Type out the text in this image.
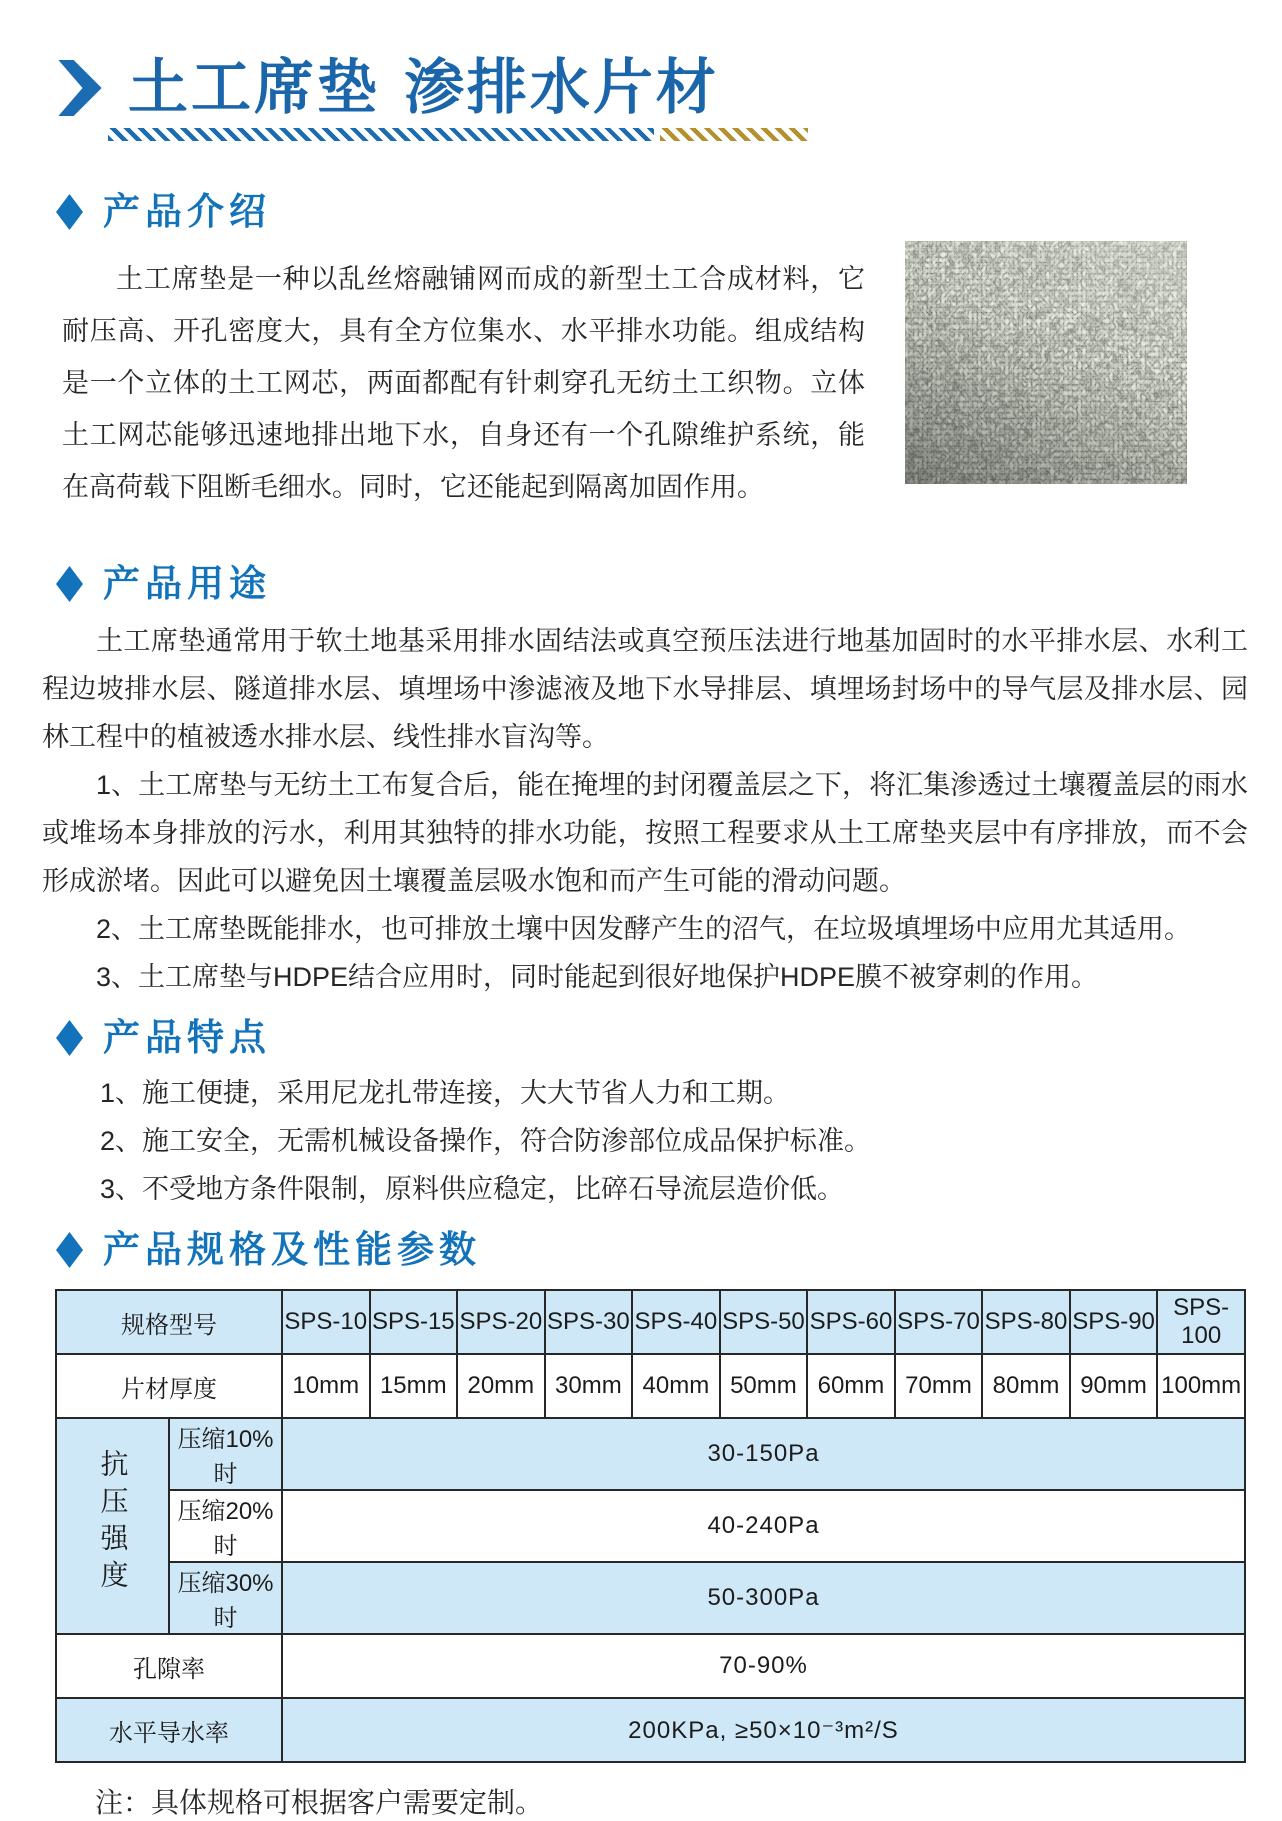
土工席垫 渗排水片材
产品介绍

土工席垫是一种以乱丝熔融铺网而成的新型土工合成材料，它耐压高、开孔密度大，具有全方位集水、水平排水功能。组成结构是一个立体的土工网芯，两面都配有针刺穿孔无纺土工织物。立体土工网芯能够迅速地排出地下水，自身还有一个孔隙维护系统，能在高荷载下阻断毛细水。同时，它还能起到隔离加固作用。

产品用途

土工席垫通常用于软土地基采用排水固结法或真空预压法进行地基加固时的水平排水层、水利工程边坡排水层、隧道排水层、填埋场中渗滤液及地下水导排层、填埋场封场中的导气层及排水层、园林工程中的植被透水排水层、线性排水盲沟等。

1、土工席垫与无纺土工布复合后，能在掩埋的封闭覆盖层之下，将汇集渗透过土壤覆盖层的雨水或堆场本身排放的污水，利用其独特的排水功能，按照工程要求从土工席垫夹层中有序排放，而不会形成淤堵。因此可以避免因土壤覆盖层吸水饱和而产生可能的滑动问题。

2、土工席垫既能排水，也可排放土壤中因发酵产生的沼气，在垃圾填埋场中应用尤其适用。

3、土工席垫与HDPE结合应用时，同时能起到很好地保护HDPE膜不被穿刺的作用。

产品特点

1、施工便捷，采用尼龙扎带连接，大大节省人力和工期。

2、施工安全，无需机械设备操作，符合防渗部位成品保护标准。

3、不受地方条件限制，原料供应稳定，比碎石导流层造价低。

产品规格及性能参数
规格型号		SPS-10	SPS-15	SPS-20	SPS-30	SPS-40	SPS-50	SPS-60	SPS-70	SPS-80	SPS-90	SPS-100
片材厚度		10mm	15mm	20mm	30mm	40mm	50mm	60mm	70mm	80mm	90mm	100mm
抗压强度	压缩10%时	30-150Pa										
	压缩20%时	40-240Pa										
	压缩30%时	50-300Pa										
孔隙率		70-90%										
水平导水率		200KPa, ≥50×10⁻³m²/S										

注：具体规格可根据客户需要定制。
